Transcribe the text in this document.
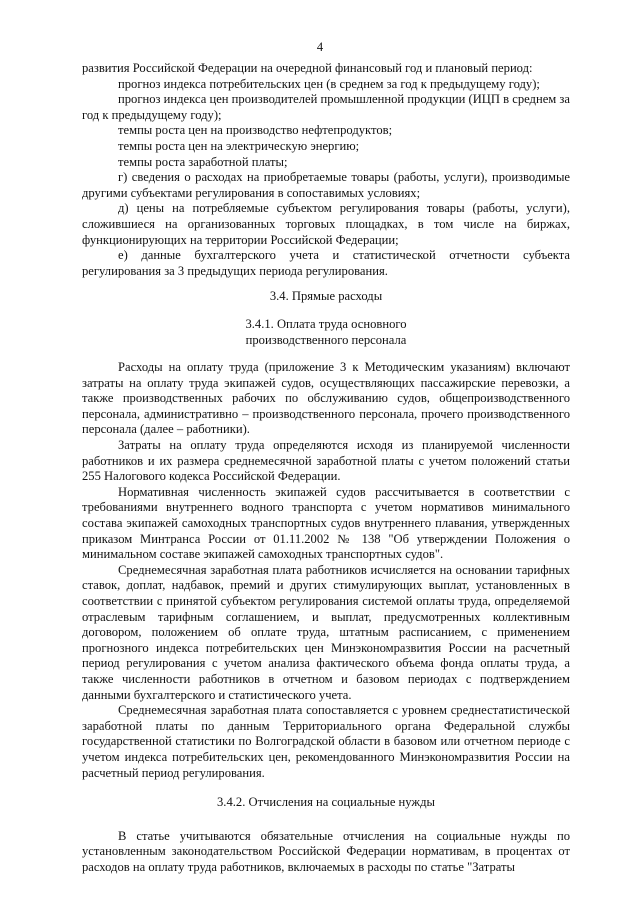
4

развития Российской Федерации на очередной финансовый год и плановый период:

прогноз индекса потребительских цен (в среднем за год к предыдущему году);

прогноз индекса цен производителей промышленной продукции (ИЦП в среднем за год к предыдущему году);

темпы роста цен на производство нефтепродуктов;

темпы роста цен на электрическую энергию;

темпы роста заработной платы;

г) сведения о расходах на приобретаемые товары (работы, услуги), производимые другими субъектами регулирования в сопоставимых условиях;

д) цены на потребляемые субъектом регулирования товары (работы, услуги), сложившиеся на организованных торговых площадках, в том числе на биржах, функционирующих на территории Российской Федерации;

е) данные бухгалтерского учета и статистической отчетности субъекта регулирования за 3 предыдущих периода регулирования.

3.4. Прямые расходы

3.4.1. Оплата труда основного
производственного персонала

Расходы на оплату труда (приложение 3 к Методическим указаниям) включают затраты на оплату труда экипажей судов, осуществляющих пассажирские перевозки, а также производственных рабочих по обслуживанию судов, общепроизводственного персонала, административно – производственного персонала, прочего производственного персонала (далее – работники).

Затраты на оплату труда определяются исходя из планируемой численности работников и их размера среднемесячной заработной платы с учетом положений статьи 255 Налогового кодекса Российской Федерации.

Нормативная численность экипажей судов рассчитывается в соответствии с требованиями внутреннего водного транспорта с учетом нормативов минимального состава экипажей самоходных транспортных судов внутреннего плавания, утвержденных приказом Минтранса России от 01.11.2002 № 138 "Об утверждении Положения о минимальном составе экипажей самоходных транспортных судов".

Среднемесячная заработная плата работников исчисляется на основании тарифных ставок, доплат, надбавок, премий и других стимулирующих выплат, установленных в соответствии с принятой субъектом регулирования системой оплаты труда, определяемой отраслевым тарифным соглашением, и выплат, предусмотренных коллективным договором, положением об оплате труда, штатным расписанием, с применением прогнозного индекса потребительских цен Минэкономразвития России на расчетный период регулирования с учетом анализа фактического объема фонда оплаты труда, а также численности работников в отчетном и базовом периодах с подтверждением данными бухгалтерского и статистического учета.

Среднемесячная заработная плата сопоставляется с уровнем среднестатистической заработной платы по данным Территориального органа Федеральной службы государственной статистики по Волгоградской области в базовом или отчетном периоде с учетом индекса потребительских цен, рекомендованного Минэкономразвития России на расчетный период регулирования.

3.4.2. Отчисления на социальные нужды

В статье учитываются обязательные отчисления на социальные нужды по установленным законодательством Российской Федерации нормативам, в процентах от расходов на оплату труда работников, включаемых в расходы по статье "Затраты
